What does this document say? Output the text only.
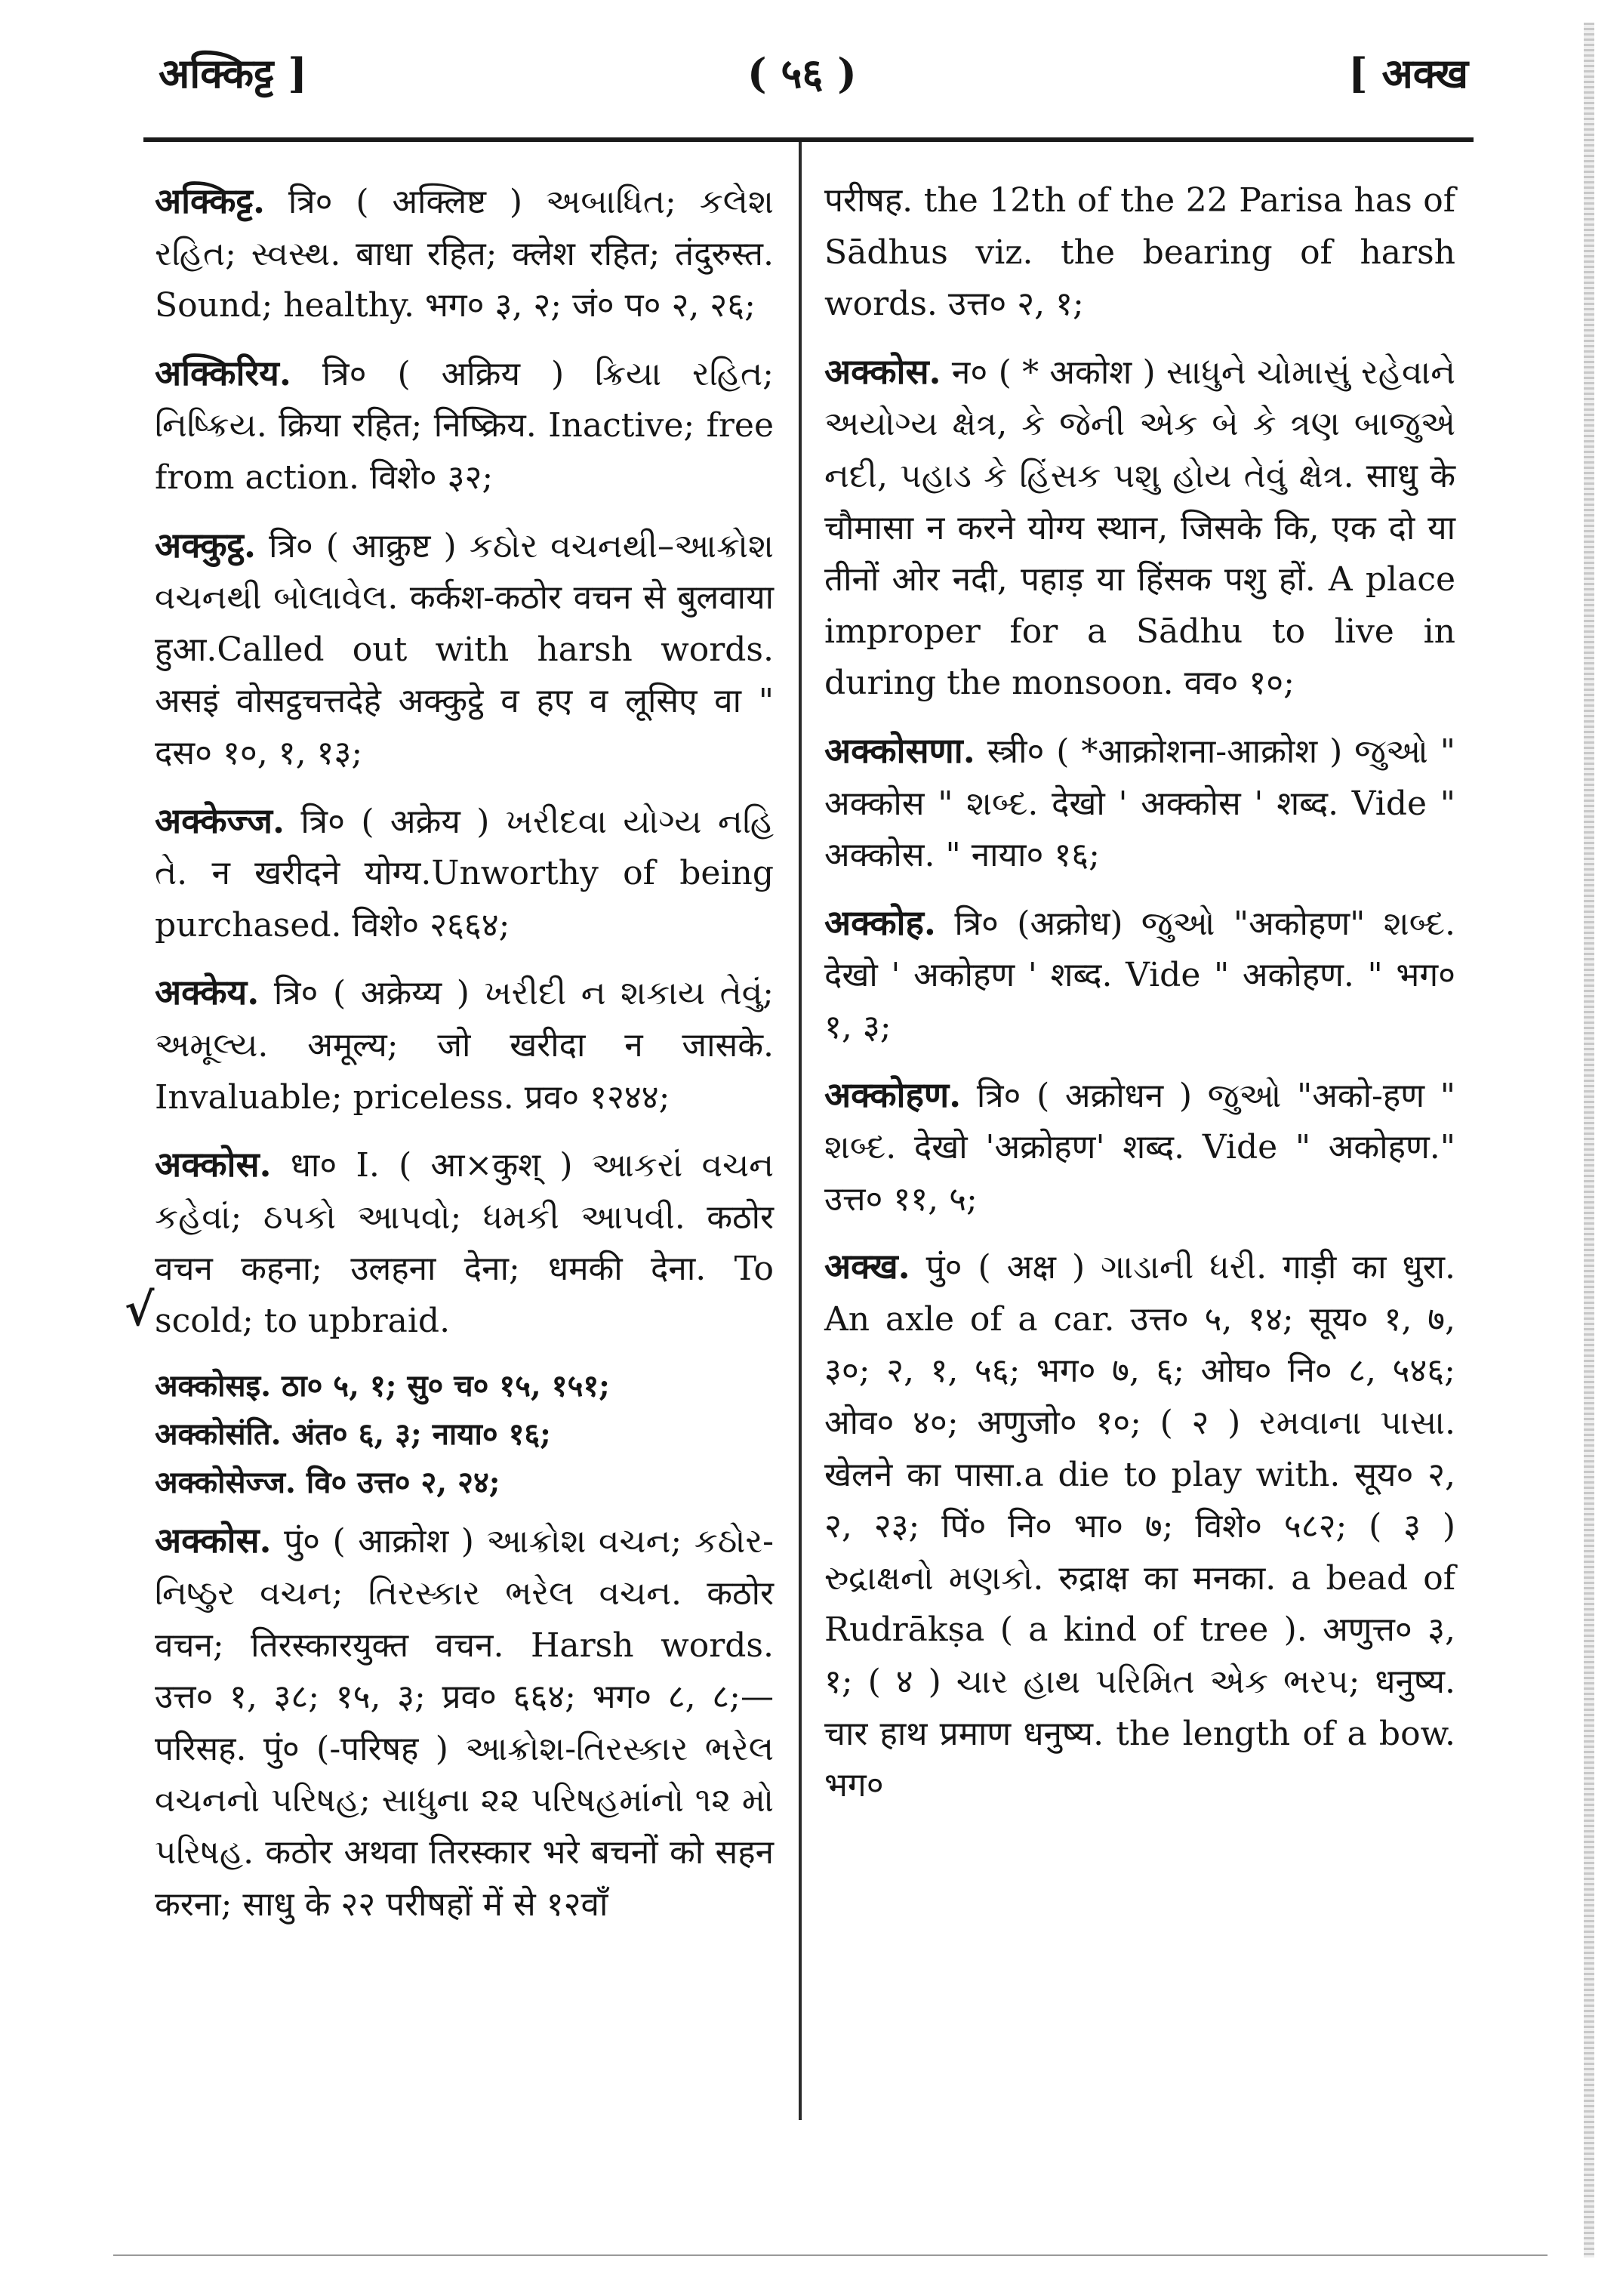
अक्किट्ट ]	( ५६ )	[ अक्ख
√

अक्किट्ट. त्रि० ( अक्लिष्ट ) અબાધિત; કલેશ રહિત; સ્વસ્થ. बाधा रहित; क्लेश रहित; तंदुरुस्त. Sound; healthy. भग० ३, २; जं० प० २, २६;

अक्किरिय. त्रि० ( अक्रिय ) ક્રિયા રહિત; નિષ્ક્રિય. क्रिया रहित; निष्क्रिय. Inactive; free from action. विशे० ३२;

अक्कुट्ठ. त्रि० ( आक्रुष्ट ) કઠોર વચનથી–આક્રોશ વચનથી બોલાવેલ. कर्कश-कठोर वचन से बुलवाया हुआ.Called out with harsh words. असइं वोसट्ठचत्तदेहे अक्कुट्ठे व हए व लूसिए वा " दस० १०, १, १३;

अक्केज्ज. त्रि० ( अक्रेय ) ખરીદવા યોગ્ય નહિ તે. न खरीदने योग्य.Unworthy of being purchased. विशे० २६६४;

अक्केय. त्रि० ( अक्रेय्य ) ખરીદી ન શકાય તેવું; અમૂલ્ય. अमूल्य; जो खरीदा न जासके. Invaluable; priceless. प्रव० १२४४;

अक्कोस. धा० I. ( आ×कुश् ) આકરાં વચન કહેવાં; ઠપકો આપવો; ધમકી આપવી. कठोर वचन कहना; उलहना देना; धमकी देना. To scold; to upbraid.

अक्कोसइ. ठा० ५, १; सु० च० १५, १५१;
अक्कोसंति. अंत० ६, ३; नाया० १६;
अक्कोसेज्ज. वि० उत्त० २, २४;

अक्कोस. पुं० ( आक्रोश ) આક્રોશ વચન; કઠોર-નિષ્ઠુર વચન; તિરસ્કાર ભરેલ વચન. कठोर वचन; तिरस्कारयुक्त वचन. Harsh words. उत्त० १, ३८; १५, ३; प्रव० ६६४; भग० ८, ८;—परिसह. पुं० (-परिषह ) આક્રોશ-તિરસ્કાર ભરેલ વચનનો પરિષહ; સાધુના ૨૨ પરિષહમાંનો ૧૨ મો પરિષહ. कठोर अथवा तिरस्कार भरे बचनों को सहन करना; साधु के २२ परीषहों में से १२वाँ

परीषह. the 12th of the 22 Parisa has of Sādhus viz. the bearing of harsh words. उत्त० २, १;

अक्कोस. न० ( * अकोश ) સાધુને ચોમાસું રહેવાને અયોગ્ય ક્ષેત્ર, કે જેની એક બે કે ત્રણ બાજુએ નદી, પહાડ કે હિંસક પશુ હોય તેવું ક્ષેત્ર. साधु के चौमासा न करने योग्य स्थान, जिसके कि, एक दो या तीनों ओर नदी, पहाड़ या हिंसक पशु हों. A place improper for a Sādhu to live in during the monsoon. वव० १०;

अक्कोसणा. स्त्री० ( *आक्रोशना-आक्रोश ) જુઓ " अक्कोस " શબ્દ. देखो ' अक्कोस ' शब्द. Vide " अक्कोस. " नाया० १६;

अक्कोह. त्रि० (अक्रोध) જુઓ "अकोहण" શબ્દ. देखो ' अकोहण ' शब्द. Vide " अकोहण. " भग० १, ३;

अक्कोहण. त्रि० ( अक्रोधन ) જુઓ "अको-हण " શબ્દ. देखो 'अक्रोहण' शब्द. Vide " अकोहण." उत्त० ११, ५;

अक्ख. पुं० ( अक्ष ) ગાડાની ધરી. गाड़ी का धुरा. An axle of a car. उत्त० ५, १४; सूय० १, ७, ३०; २, १, ५६; भग० ७, ६; ओघ० नि० ८, ५४६; ओव० ४०; अणुजो० १०; ( २ ) રમવાના પાસા. खेलने का पासा.a die to play with. सूय० २, २, २३; पिं० नि० भा० ७; विशे० ५८२; ( ३ ) રુદ્રાક્ષનો મણકો. रुद्राक्ष का मनका. a bead of Rudrākṣa ( a kind of tree ). अणुत्त० ३, १; ( ४ ) ચાર હાથ પરિમિત એક ભરપ; धनुष्य. चार हाथ प्रमाण धनुष्य. the length of a bow. भग०
